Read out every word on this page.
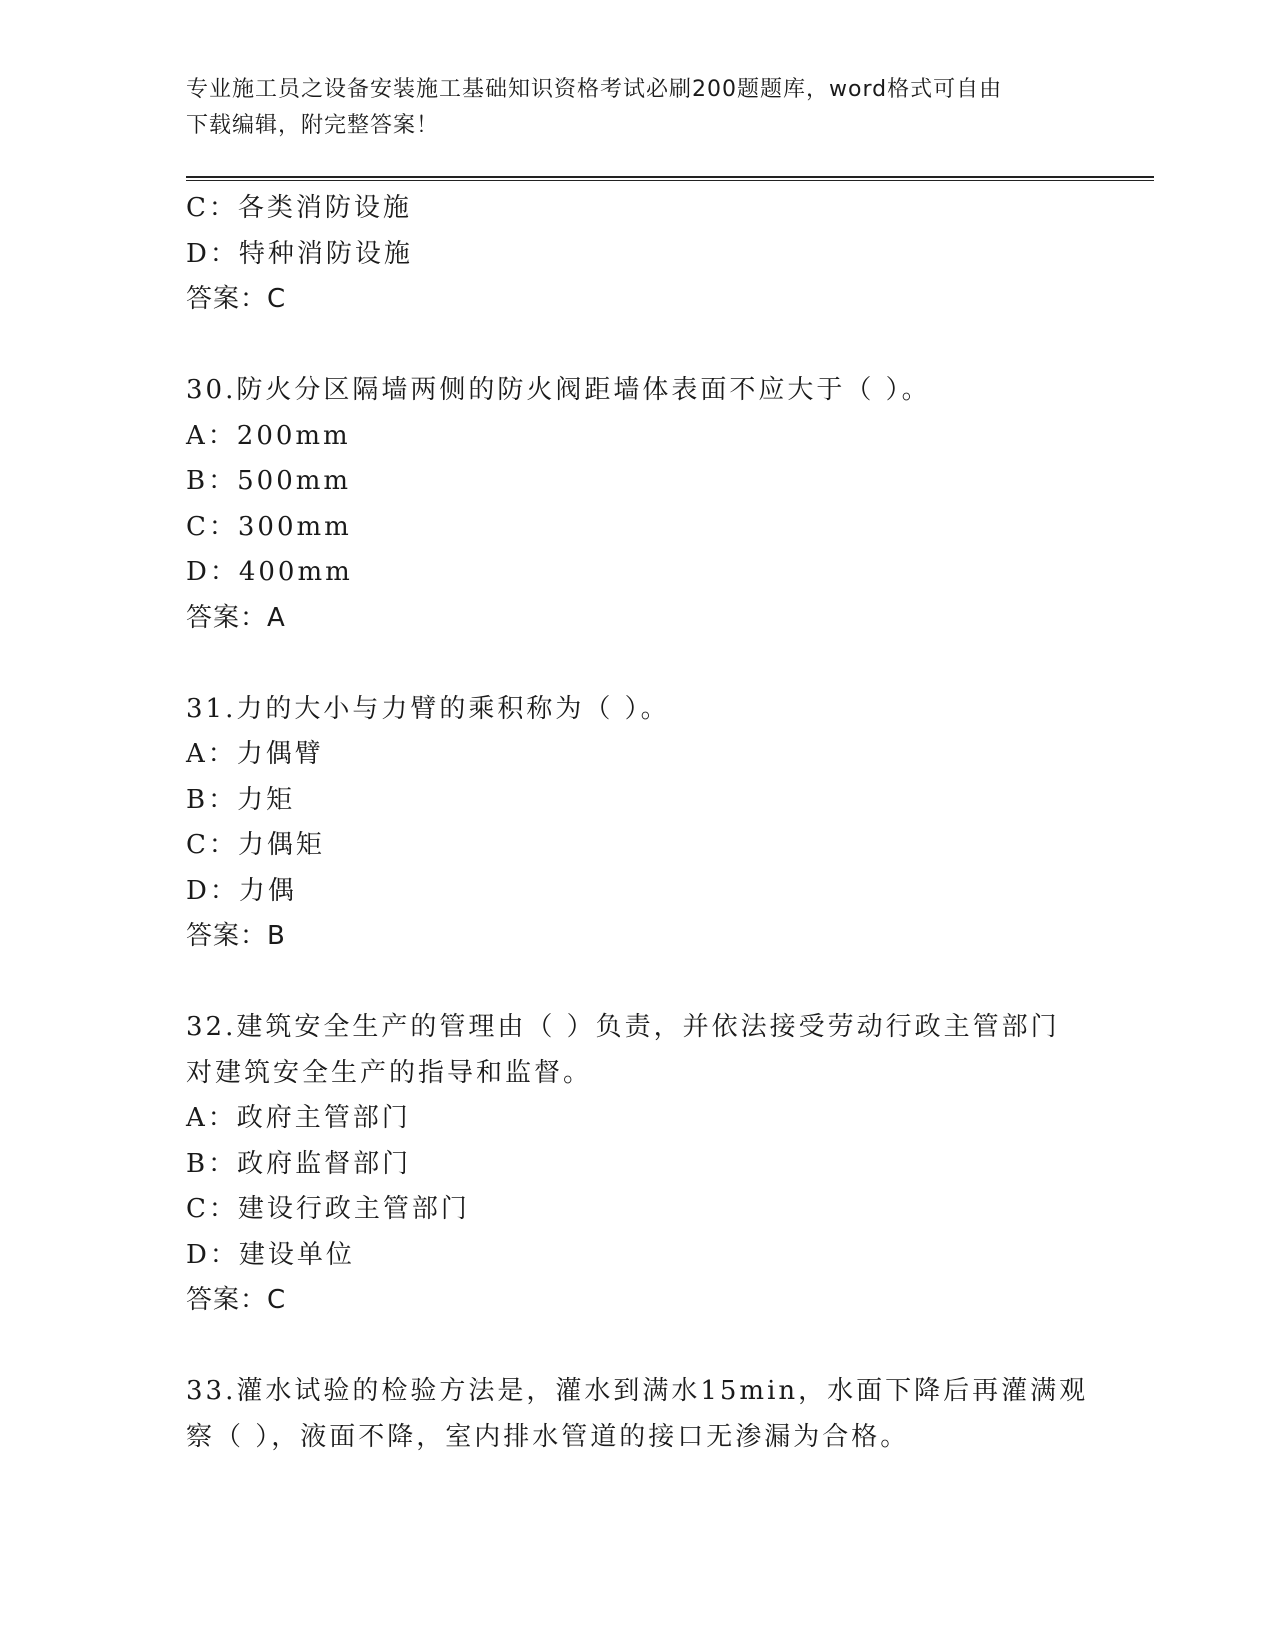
专业施工员之设备安装施工基础知识资格考试必刷200题题库，word格式可自由
下载编辑，附完整答案！
C：各类消防设施
D：特种消防设施
答案：C
30.防火分区隔墙两侧的防火阀距墙体表面不应大于（ ）。
A：200mm
B：500mm
C：300mm
D：400mm
答案：A
31.力的大小与力臂的乘积称为（ ）。
A：力偶臂
B：力矩
C：力偶矩
D：力偶
答案：B
32.建筑安全生产的管理由（ ）负责，并依法接受劳动行政主管部门
对建筑安全生产的指导和监督。
A：政府主管部门
B：政府监督部门
C：建设行政主管部门
D：建设单位
答案：C
33.灌水试验的检验方法是，灌水到满水15min，水面下降后再灌满观
察（ ），液面不降，室内排水管道的接口无渗漏为合格。
